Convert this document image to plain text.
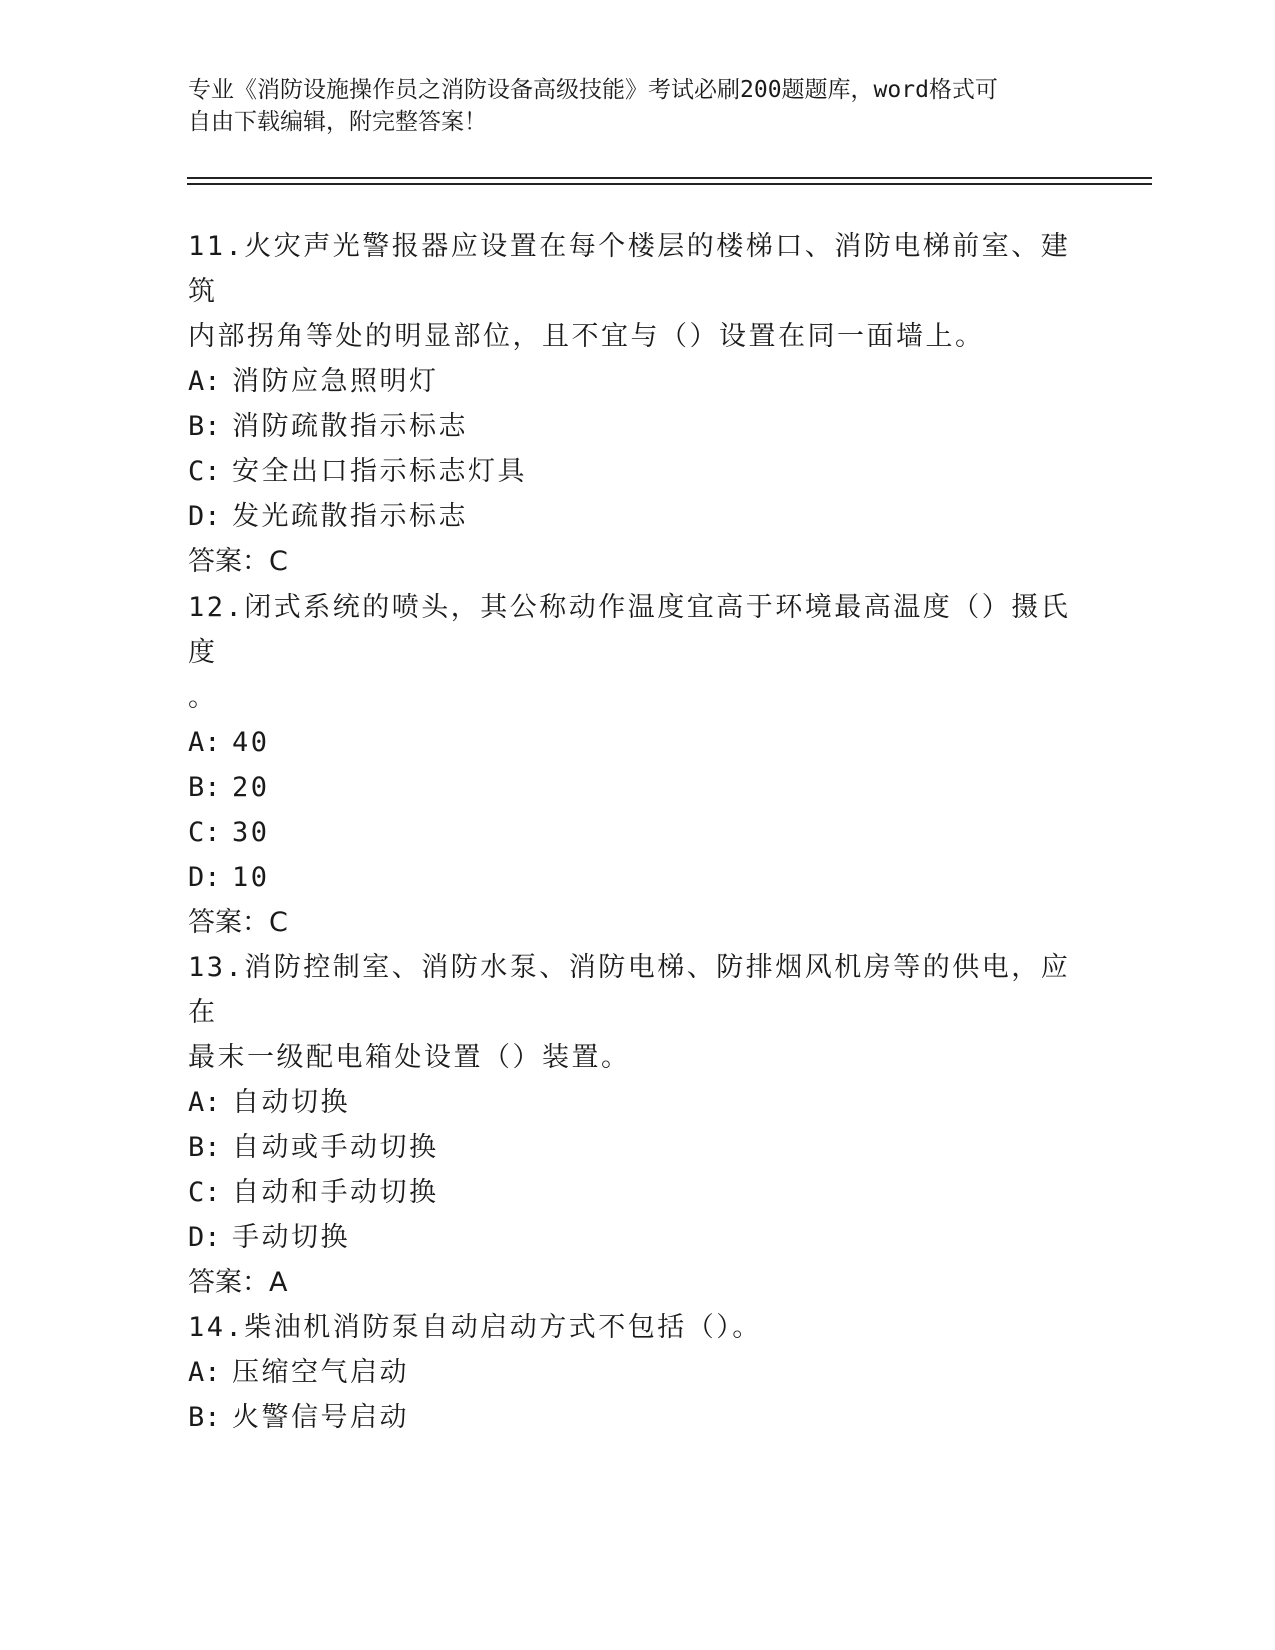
专业《消防设施操作员之消防设备高级技能》考试必刷200题题库，word格式可
自由下载编辑，附完整答案！
11.火灾声光警报器应设置在每个楼层的楼梯口、消防电梯前室、建筑
内部拐角等处的明显部位，且不宜与（）设置在同一面墙上。
A: 消防应急照明灯
B: 消防疏散指示标志
C: 安全出口指示标志灯具
D: 发光疏散指示标志
答案：C
12.闭式系统的喷头，其公称动作温度宜高于环境最高温度（）摄氏度
。
A: 40
B: 20
C: 30
D: 10
答案：C
13.消防控制室、消防水泵、消防电梯、防排烟风机房等的供电，应在
最末一级配电箱处设置（）装置。
A: 自动切换
B: 自动或手动切换
C: 自动和手动切换
D: 手动切换
答案：A
14.柴油机消防泵自动启动方式不包括（）。
A: 压缩空气启动
B: 火警信号启动
